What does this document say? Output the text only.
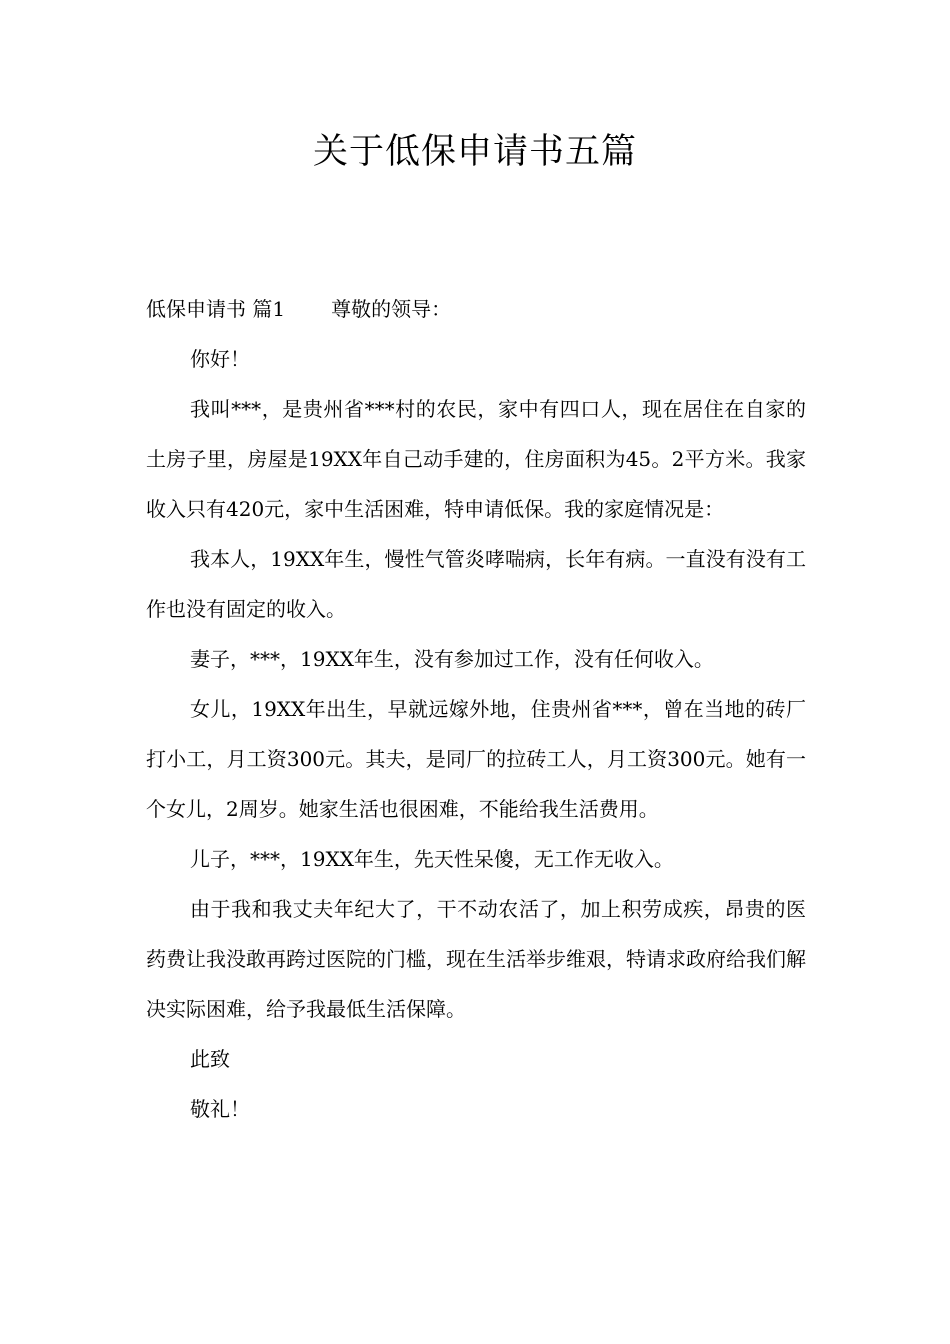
关于低保申请书五篇

低保申请书 篇1 尊敬的领导：

你好！

我叫***，是贵州省***村的农民，家中有四口人，现在居住在自家的土房子里，房屋是19XX年自己动手建的，住房面积为45。2平方米。我家收入只有420元，家中生活困难，特申请低保。我的家庭情况是：

我本人，19XX年生，慢性气管炎哮喘病，长年有病。一直没有没有工作也没有固定的收入。

妻子，***，19XX年生，没有参加过工作，没有任何收入。

女儿，19XX年出生，早就远嫁外地，住贵州省***，曾在当地的砖厂打小工，月工资300元。其夫，是同厂的拉砖工人，月工资300元。她有一个女儿，2周岁。她家生活也很困难，不能给我生活费用。

儿子，***，19XX年生，先天性呆傻，无工作无收入。

由于我和我丈夫年纪大了，干不动农活了，加上积劳成疾，昂贵的医药费让我没敢再跨过医院的门槛，现在生活举步维艰，特请求政府给我们解决实际困难，给予我最低生活保障。

此致

敬礼！
